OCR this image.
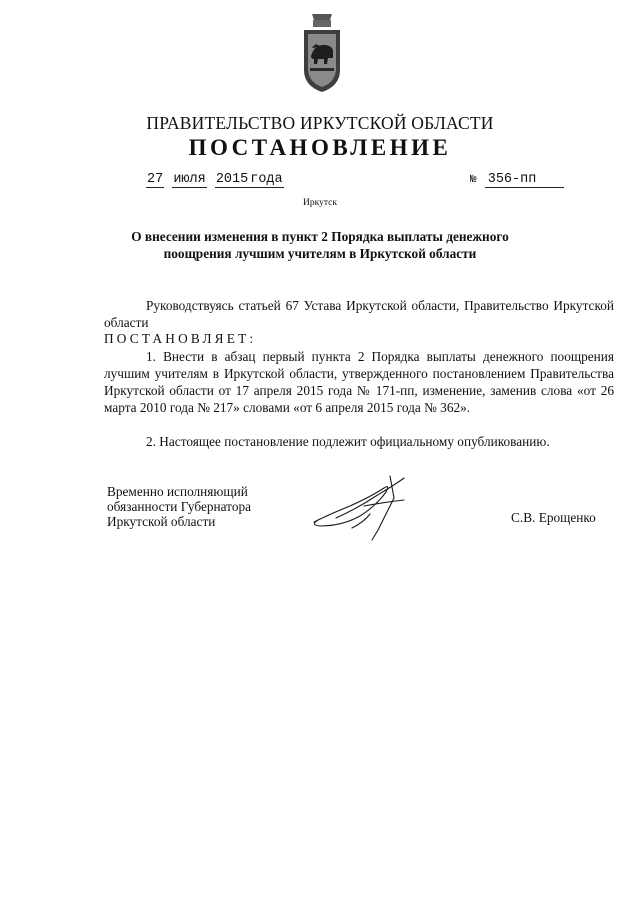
ПРАВИТЕЛЬСТВО ИРКУТСКОЙ ОБЛАСТИ
ПОСТАНОВЛЕНИЕ
27 июля 2015 года	№ 356-пп
Иркутск
О внесении изменения в пункт 2 Порядка выплаты денежного
поощрения лучшим учителям в Иркутской области
Руководствуясь статьей 67 Устава Иркутской области, Правительство Иркутской области
ПОСТАНОВЛЯЕТ:
1. Внести в абзац первый пункта 2 Порядка выплаты денежного поощрения лучшим учителям в Иркутской области, утвержденного постановлением Правительства Иркутской области от 17 апреля 2015 года № 171-пп, изменение, заменив слова «от 26 марта 2010 года № 217» словами «от 6 апреля 2015 года № 362».
2. Настоящее постановление подлежит официальному опубликованию.
Временно исполняющий
обязанности Губернатора
Иркутской области	С.В. Ерощенко
